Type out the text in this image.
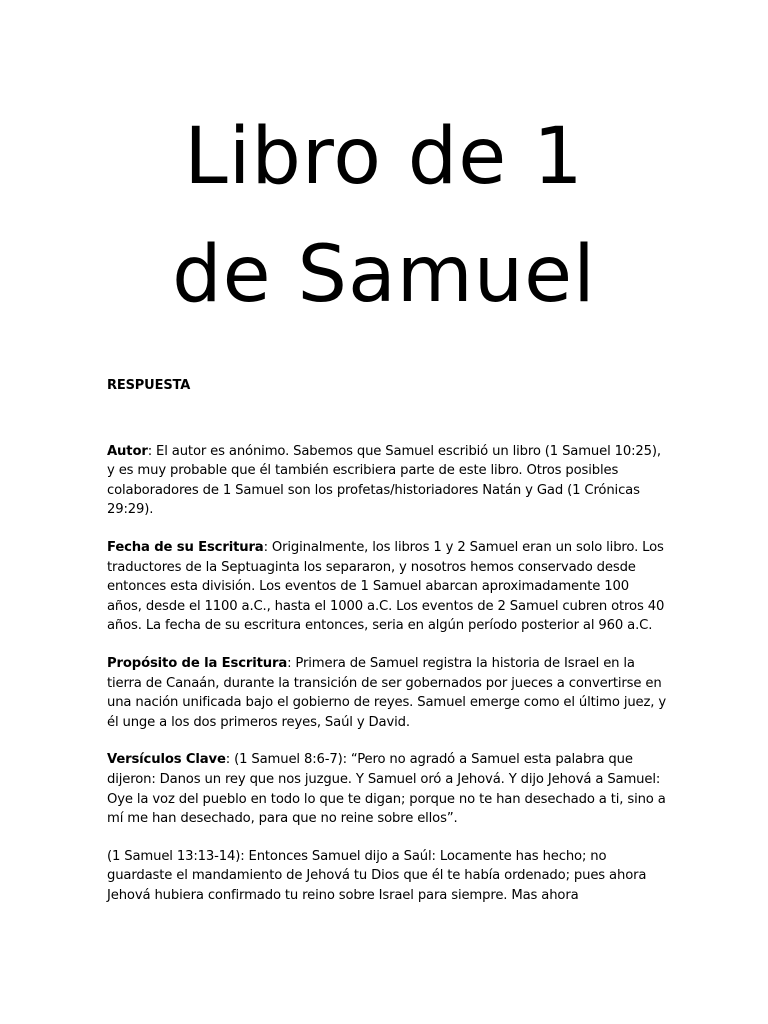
Libro de 1
de Samuel

RESPUESTA

Autor: El autor es anónimo. Sabemos que Samuel escribió un libro (1 Samuel 10:25), y es muy probable que él también escribiera parte de este libro. Otros posibles colaboradores de 1 Samuel son los profetas/historiadores Natán y Gad (1 Crónicas 29:29).

Fecha de su Escritura: Originalmente, los libros 1 y 2 Samuel eran un solo libro. Los traductores de la Septuaginta los separaron, y nosotros hemos conservado desde entonces esta división. Los eventos de 1 Samuel abarcan aproximadamente 100 años, desde el 1100 a.C., hasta el 1000 a.C. Los eventos de 2 Samuel cubren otros 40 años. La fecha de su escritura entonces, seria en algún período posterior al 960 a.C.

Propósito de la Escritura: Primera de Samuel registra la historia de Israel en la tierra de Canaán, durante la transición de ser gobernados por jueces a convertirse en una nación unificada bajo el gobierno de reyes. Samuel emerge como el último juez, y él unge a los dos primeros reyes, Saúl y David.

Versículos Clave: (1 Samuel 8:6-7): “Pero no agradó a Samuel esta palabra que dijeron: Danos un rey que nos juzgue. Y Samuel oró a Jehová. Y dijo Jehová a Samuel: Oye la voz del pueblo en todo lo que te digan; porque no te han desechado a ti, sino a mí me han desechado, para que no reine sobre ellos”.

(1 Samuel 13:13-14): Entonces Samuel dijo a Saúl: Locamente has hecho; no guardaste el mandamiento de Jehová tu Dios que él te había ordenado; pues ahora Jehová hubiera confirmado tu reino sobre Israel para siempre. Mas ahora
